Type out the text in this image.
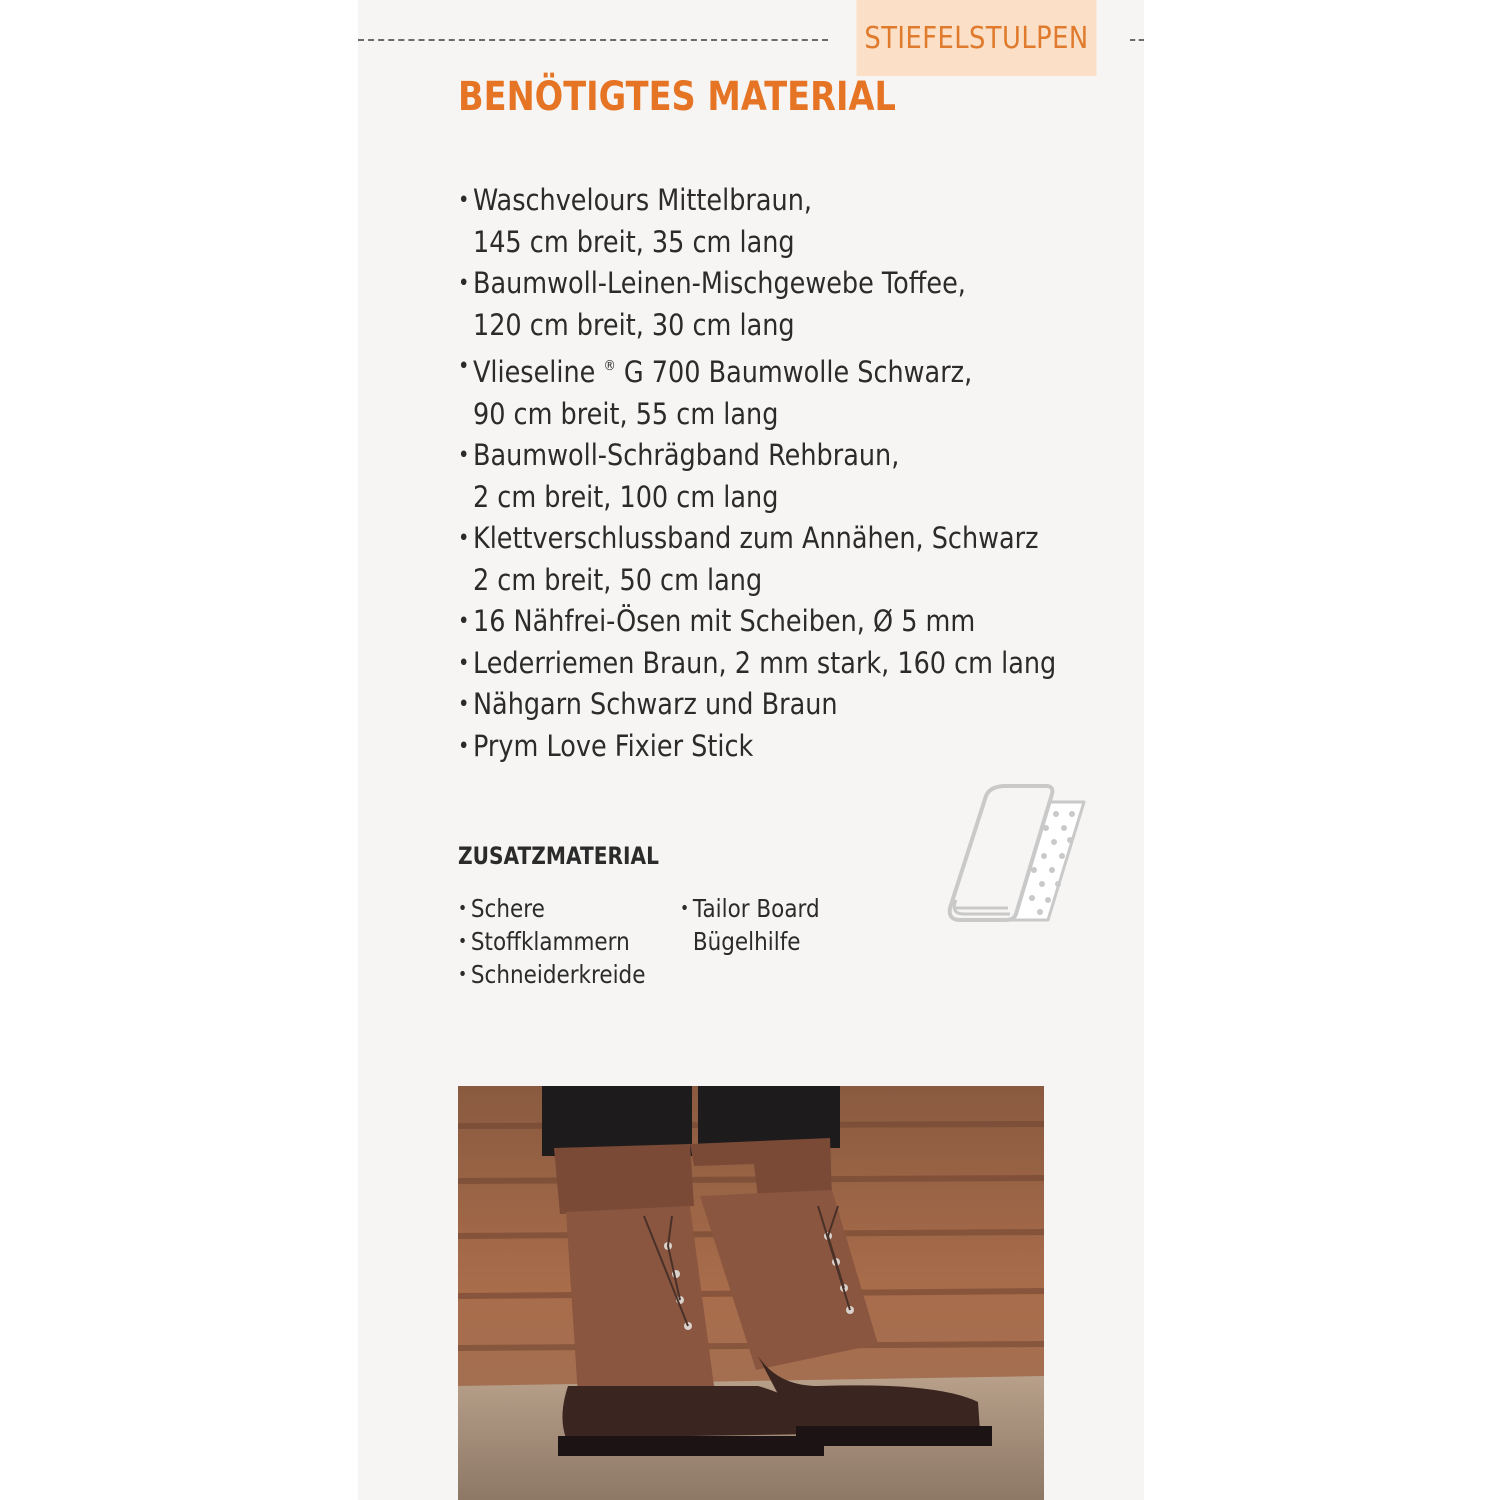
STIEFELSTULPEN
BENÖTIGTES MATERIAL
• Waschvelours Mittelbraun,
145 cm breit, 35 cm lang
• Baumwoll-Leinen-Mischgewebe Toffee,
120 cm breit, 30 cm lang
• Vlieseline ® G 700 Baumwolle Schwarz,
90 cm breit, 55 cm lang
• Baumwoll-Schrägband Rehbraun,
2 cm breit, 100 cm lang
• Klettverschlussband zum Annähen, Schwarz
2 cm breit, 50 cm lang
• 16 Nähfrei-Ösen mit Scheiben, Ø 5 mm
• Lederriemen Braun, 2 mm stark, 160 cm lang
• Nähgarn Schwarz und Braun
• Prym Love Fixier Stick
ZUSATZMATERIAL
• Schere
• Stoffklammern
• Schneiderkreide
• Tailor Board
Bügelhilfe
